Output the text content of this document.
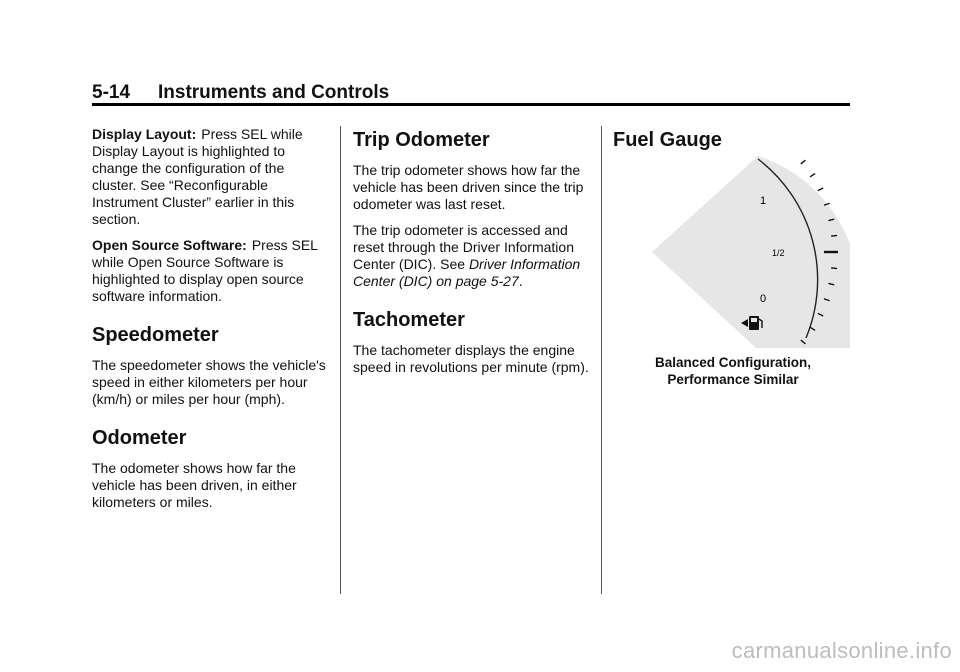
5-14 Instruments and Controls

Display Layout: Press SEL while Display Layout is highlighted to change the configuration of the cluster. See “Reconfigurable Instrument Cluster” earlier in this section.

Open Source Software: Press SEL while Open Source Software is highlighted to display open source software information.

Speedometer

The speedometer shows the vehicle's speed in either kilometers per hour (km/h) or miles per hour (mph).

Odometer

The odometer shows how far the vehicle has been driven, in either kilometers or miles.

Trip Odometer

The trip odometer shows how far the vehicle has been driven since the trip odometer was last reset.

The trip odometer is accessed and reset through the Driver Information Center (DIC). See Driver Information Center (DIC) on page 5-27.

Tachometer

The tachometer displays the engine speed in revolutions per minute (rpm).

Fuel Gauge
1
1/2
0
Balanced Configuration,
Performance Similar
carmanualsonline.info
